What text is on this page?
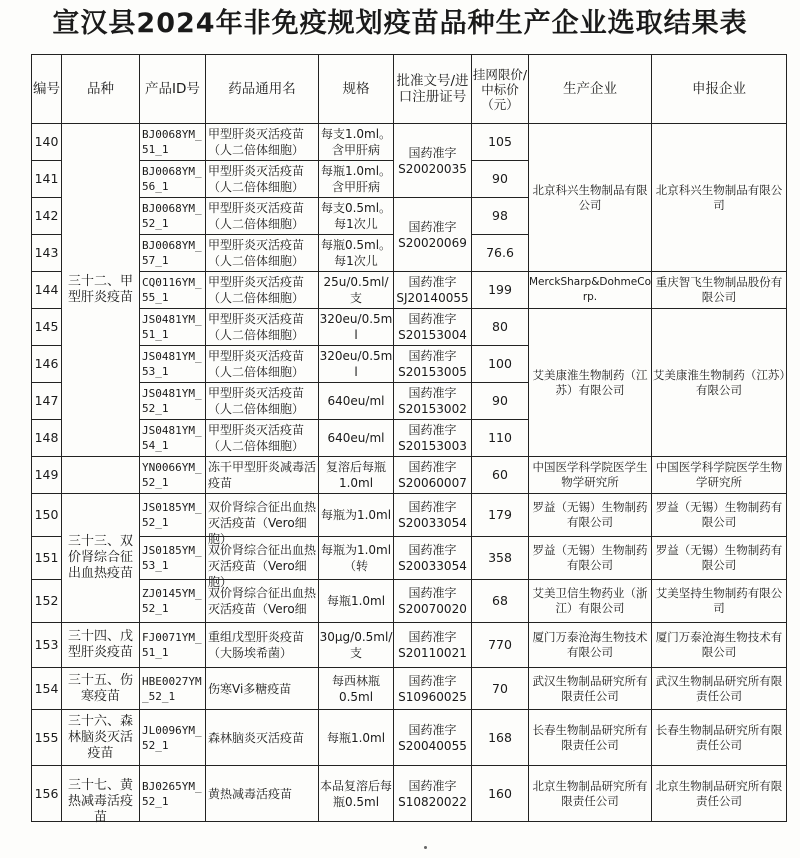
宣汉县2024年非免疫规划疫苗品种生产企业选取结果表
编号	品种	产品ID号	药品通用名	规格	批准文号/进口注册证号	挂网限价/中标价（元）	生产企业	申报企业
140	三十二、甲型肝炎疫苗	BJ0068YM_51_1	甲型肝炎灭活疫苗（人二倍体细胞）	每支1.0ml。含甲肝病	国药准字S20020035	105	北京科兴生物制品有限公司	北京科兴生物制品有限公司
141		BJ0068YM_56_1	甲型肝炎灭活疫苗（人二倍体细胞）	每瓶1.0ml。含甲肝病		90		
142		BJ0068YM_52_1	甲型肝炎灭活疫苗（人二倍体细胞）	每支0.5ml。每1次儿	国药准字S20020069	98		
143		BJ0068YM_57_1	甲型肝炎灭活疫苗（人二倍体细胞）	每瓶0.5ml。每1次儿		76.6		
144		CQ0116YM_55_1	甲型肝炎灭活疫苗（人二倍体细胞）	25u/0.5ml/支	国药准字SJ20140055	199	MerckSharp&DohmeCorp.	重庆智飞生物制品股份有限公司
145		JS0481YM_51_1	甲型肝炎灭活疫苗（人二倍体细胞）	320eu/0.5ml	国药准字S20153004	80	艾美康淮生物制药（江苏）有限公司	艾美康淮生物制药（江苏）有限公司
146		JS0481YM_53_1	甲型肝炎灭活疫苗（人二倍体细胞）	320eu/0.5ml	国药准字S20153005	100		
147		JS0481YM_52_1	甲型肝炎灭活疫苗（人二倍体细胞）	640eu/ml	国药准字S20153002	90		
148		JS0481YM_54_1	甲型肝炎灭活疫苗（人二倍体细胞）	640eu/ml	国药准字S20153003	110		
149		YN0066YM_52_1	冻干甲型肝炎减毒活疫苗	复溶后每瓶1.0ml	国药准字S20060007	60	中国医学科学院医学生物学研究所	中国医学科学院医学生物学研究所
150	三十三、双价肾综合征出血热疫苗	JS0185YM_52_1	双价肾综合征出血热灭活疫苗（Vero细胞）	每瓶为1.0ml	国药准字S20033054	179	罗益（无锡）生物制药有限公司	罗益（无锡）生物制药有限公司
151		JS0185YM_53_1	双价肾综合征出血热灭活疫苗（Vero细胞）	每瓶为1.0ml（转	国药准字S20033054	358	罗益（无锡）生物制药有限公司	罗益（无锡）生物制药有限公司
152		ZJ0145YM_52_1	双价肾综合征出血热灭活疫苗（Vero细	每瓶1.0ml	国药准字S20070020	68	艾美卫信生物药业（浙江）有限公司	艾美坚持生物制药有限公司
153	三十四、戊型肝炎疫苗	FJ0071YM_51_1	重组戊型肝炎疫苗（大肠埃希菌）	30μg/0.5ml/支	国药准字S20110021	770	厦门万泰沧海生物技术有限公司	厦门万泰沧海生物技术有限公司
154	三十五、伤寒疫苗	HBE0027YM_52_1	伤寒Vi多糖疫苗	每西林瓶0.5ml	国药准字S10960025	70	武汉生物制品研究所有限责任公司	武汉生物制品研究所有限责任公司
155	三十六、森林脑炎灭活疫苗	JL0096YM_52_1	森林脑炎灭活疫苗	每瓶1.0ml	国药准字S20040055	168	长春生物制品研究所有限责任公司	长春生物制品研究所有限责任公司
156	三十七、黄热减毒活疫苗	BJ0265YM_52_1	黄热减毒活疫苗	本品复溶后每瓶0.5ml	国药准字S10820022	160	北京生物制品研究所有限责任公司	北京生物制品研究所有限责任公司
